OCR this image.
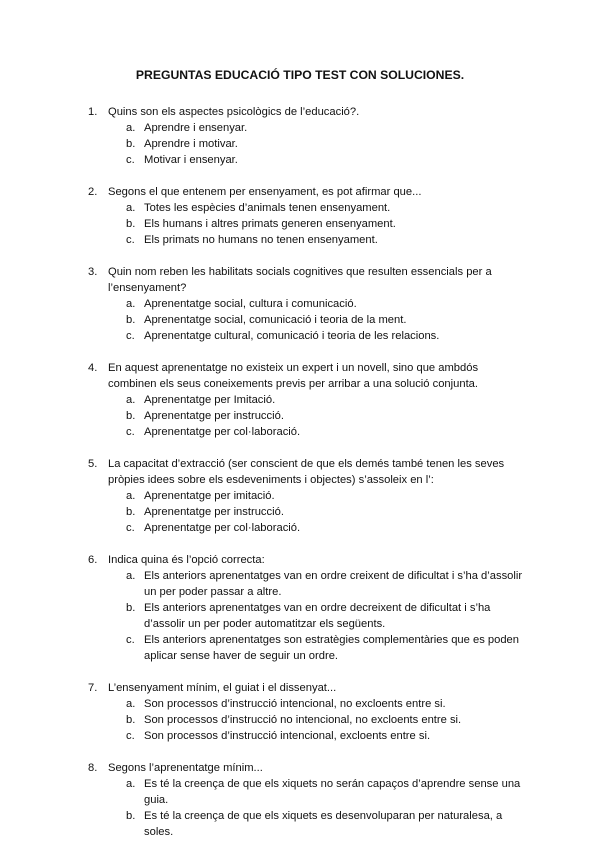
PREGUNTAS EDUCACIÓ TIPO TEST CON SOLUCIONES.
1. Quins son els aspectes psicològics de l’educació?.
a. Aprendre i ensenyar.
b. Aprendre i motivar.
c. Motivar i ensenyar.
2. Segons el que entenem per ensenyament, es pot afirmar que...
a. Totes les espècies d’animals tenen ensenyament.
b. Els humans i altres primats generen ensenyament.
c. Els primats no humans no tenen ensenyament.
3. Quin nom reben les habilitats socials cognitives que resulten essencials per a l’ensenyament?
a. Aprenentatge social, cultura i comunicació.
b. Aprenentatge social, comunicació i teoria de la ment.
c. Aprenentatge cultural, comunicació i teoria de les relacions.
4. En aquest aprenentatge no existeix un expert i un novell, sino que ambdós combinen els seus coneixements previs per arribar a una solució conjunta.
a. Aprenentatge per Imitació.
b. Aprenentatge per instrucció.
c. Aprenentatge per col·laboració.
5. La capacitat d’extracció (ser conscient de que els demés també tenen les seves pròpies idees sobre els esdeveniments i objectes) s’assoleix en l’:
a. Aprenentatge per imitació.
b. Aprenentatge per instrucció.
c. Aprenentatge per col·laboració.
6. Indica quina és l’opció correcta:
a. Els anteriors aprenentatges van en ordre creixent de dificultat i s’ha d’assolir un per poder passar a altre.
b. Els anteriors aprenentatges van en ordre decreixent de dificultat i s’ha d’assolir un per poder automatitzar els següents.
c. Els anteriors aprenentatges son estratègies complementàries que es poden aplicar sense haver de seguir un ordre.
7. L’ensenyament mínim, el guiat i el dissenyat...
a. Son processos d’instrucció intencional, no excloents entre si.
b. Son processos d’instrucció no intencional, no excloents entre si.
c. Son processos d’instrucció intencional, excloents entre si.
8. Segons l’aprenentatge mínim...
a. Es té la creença de que els xiquets no serán capaços d’aprendre sense una guia.
b. Es té la creença de que els xiquets es desenvoluparan per naturalesa, a soles.
